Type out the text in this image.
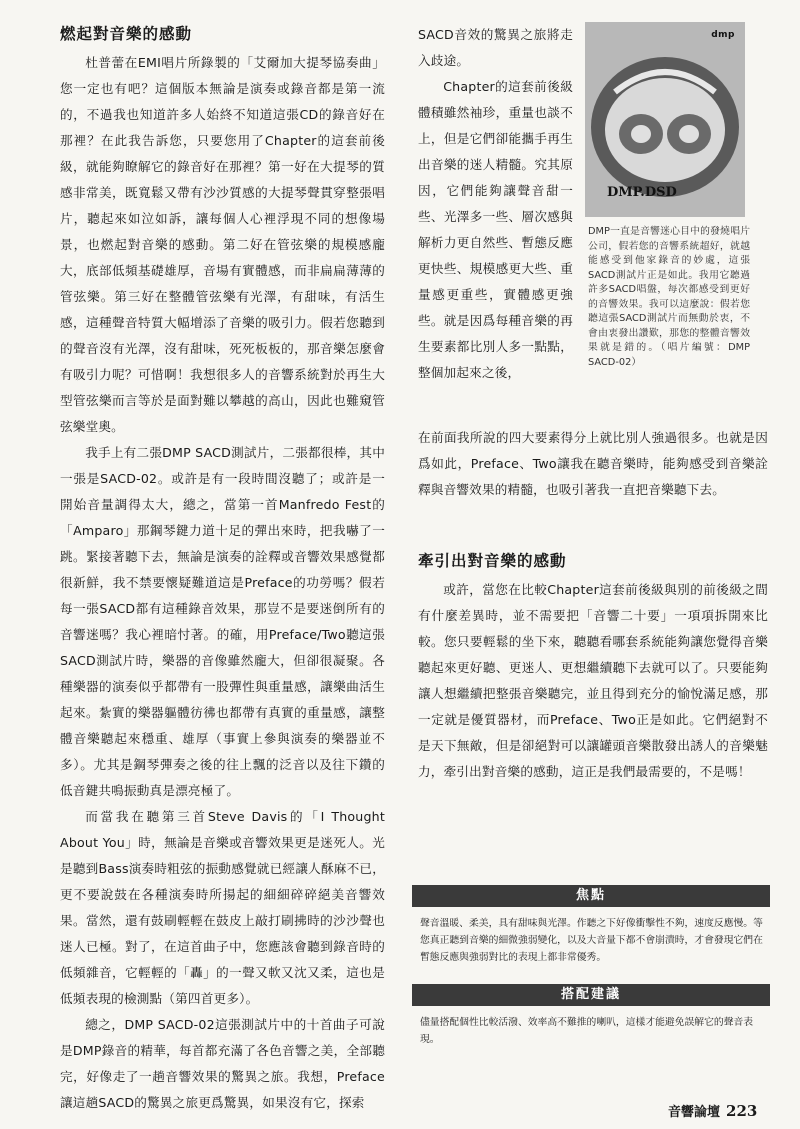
燃起對音樂的感動

杜普蕾在EMI唱片所錄製的「艾爾加大提琴協奏曲」您一定也有吧？這個版本無論是演奏或錄音都是第一流的，不過我也知道許多人始終不知道這張CD的錄音好在那裡？在此我告訴您，只要您用了Chapter的這套前後級，就能夠瞭解它的錄音好在那裡？第一好在大提琴的質感非常美，既寬鬆又帶有沙沙質感的大提琴聲貫穿整張唱片，聽起來如泣如訴，讓每個人心裡浮現不同的想像場景，也燃起對音樂的感動。第二好在管弦樂的規模感龐大，底部低頻基礎雄厚，音場有實體感，而非扁扁薄薄的管弦樂。第三好在整體管弦樂有光澤，有甜味，有活生感，這種聲音特質大幅增添了音樂的吸引力。假若您聽到的聲音沒有光澤，沒有甜味，死死板板的，那音樂怎麼會有吸引力呢？可惜啊！我想很多人的音響系統對於再生大型管弦樂而言等於是面對難以攀越的高山，因此也難窺管弦樂堂奧。

我手上有二張DMP SACD測試片，二張都很棒，其中一張是SACD-02。或許是有一段時間沒聽了；或許是一開始音量調得太大，總之，當第一首Manfredo Fest的「Amparo」那鋼琴鍵力道十足的彈出來時，把我嚇了一跳。緊接著聽下去，無論是演奏的詮釋或音響效果感覺都很新鮮，我不禁要懷疑難道這是Preface的功勞嗎？假若每一張SACD都有這種錄音效果，那豈不是要迷倒所有的音響迷嗎？我心裡暗忖著。的確，用Preface/Two聽這張SACD測試片時，樂器的音像雖然龐大，但卻很凝聚。各種樂器的演奏似乎都帶有一股彈性與重量感，讓樂曲活生起來。紮實的樂器軀體彷彿也都帶有真實的重量感，讓整體音樂聽起來穩重、雄厚（事實上參與演奏的樂器並不多）。尤其是鋼琴彈奏之後的往上飄的泛音以及往下鑽的低音鍵共鳴振動真是漂亮極了。

而當我在聽第三首Steve Davis的「I Thought About You」時，無論是音樂或音響效果更是迷死人。光是聽到Bass演奏時粗弦的振動感覺就已經讓人酥麻不已，更不要說鼓在各種演奏時所揚起的細細碎碎絕美音響效果。當然，還有鼓刷輕輕在鼓皮上敲打刷拂時的沙沙聲也迷人已極。對了，在這首曲子中，您應該會聽到錄音時的低頻雜音，它輕輕的「轟」的一聲又軟又沈又柔，這也是低頻表現的檢測點（第四首更多）。

總之，DMP SACD-02這張測試片中的十首曲子可說是DMP錄音的精華，每首都充滿了各色音響之美，全部聽完，好像走了一趟音響效果的驚異之旅。我想，Preface讓這趟SACD的驚異之旅更爲驚異，如果沒有它，探索

SACD音效的驚異之旅將走入歧途。

Chapter的這套前後級體積雖然袖珍，重量也談不上，但是它們卻能攜手再生出音樂的迷人精髓。究其原因，它們能夠讓聲音甜一些、光澤多一些、層次感與解析力更自然些、暫態反應更快些、規模感更大些、重量感更重些，實體感更強些。就是因爲每種音樂的再生要素都比別人多一點點，整個加起來之後，

dmp
DMP.DSD
DMP一直是音響迷心目中的發燒唱片公司，假若您的音響系統超好，就越能感受到他家錄音的妙處，這張SACD測試片正是如此。我用它聽過許多SACD唱盤，每次都感受到更好的音響效果。我可以這麼說：假若您聽這張SACD測試片而無動於衷，不會由衷發出讚歎，那您的整體音響效果就是錯的。（唱片編號：DMP SACD-02）

在前面我所說的四大要素得分上就比別人強過很多。也就是因爲如此，Preface、Two讓我在聽音樂時，能夠感受到音樂詮釋與音響效果的精髓，也吸引著我一直把音樂聽下去。

牽引出對音樂的感動

或許，當您在比較Chapter這套前後級與別的前後級之間有什麼差異時，並不需要把「音響二十要」一項項拆開來比較。您只要輕鬆的坐下來，聽聽看哪套系統能夠讓您覺得音樂聽起來更好聽、更迷人、更想繼續聽下去就可以了。只要能夠讓人想繼續把整張音樂聽完，並且得到充分的愉悅滿足感，那一定就是優質器材，而Preface、Two正是如此。它們絕對不是天下無敵，但是卻絕對可以讓罐頭音樂散發出誘人的音樂魅力，牽引出對音樂的感動，這正是我們最需要的，不是嗎！

焦點
聲音溫暖、柔美，具有甜味與光澤。作聽之下好像衝擊性不夠，速度反應慢。等您真正聽到音樂的細微強弱變化，以及大音量下都不會崩潰時，才會發現它們在暫態反應與強弱對比的表現上都非常優秀。
搭配建議
儘量搭配個性比較活潑、效率高不難推的喇叭，這樣才能避免誤解它的聲音表現。
音響論壇 223
